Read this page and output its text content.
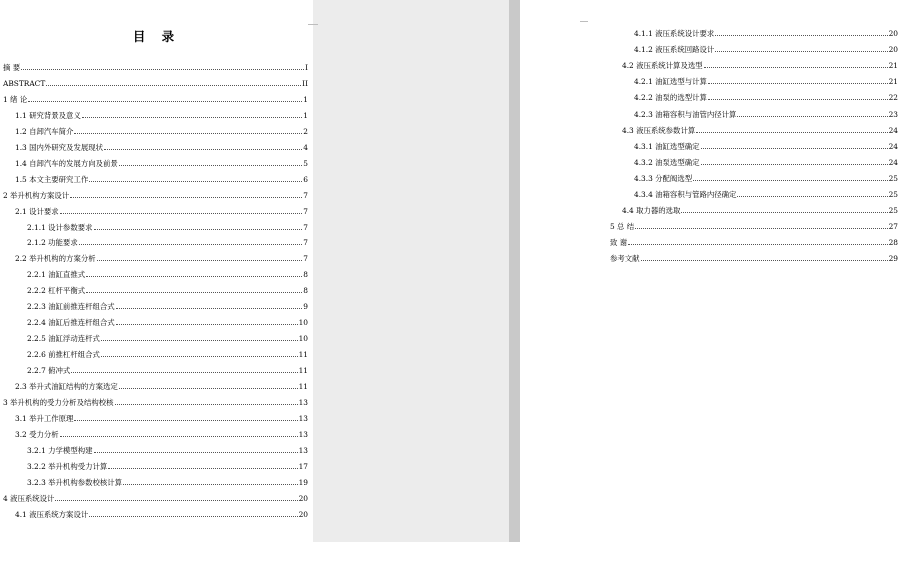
目 录
摘 要	I
ABSTRACT	II
1 绪 论	1
1.1 研究背景及意义	1
1.2 自卸汽车简介	2
1.3 国内外研究及发展现状	4
1.4 自卸汽车的发展方向及前景	5
1.5 本文主要研究工作	6
2 举升机构方案设计	7
2.1 设计要求	7
2.1.1 设计参数要求	7
2.1.2 功能要求	7
2.2 举升机构的方案分析	7
2.2.1 油缸直推式	8
2.2.2 杠杆平衡式	8
2.2.3 油缸前推连杆组合式	9
2.2.4 油缸后推连杆组合式	10
2.2.5 油缸浮动连杆式	10
2.2.6 前推杠杆组合式	11
2.2.7 俯冲式	11
2.3 举升式油缸结构的方案选定	11
3 举升机构的受力分析及结构校核	13
3.1 举升工作原理	13
3.2 受力分析	13
3.2.1 力学模型构建	13
3.2.2 举升机构受力计算	17
3.2.3 举升机构参数校核计算	19
4 液压系统设计	20
4.1 液压系统方案设计	20
4.1.1 液压系统设计要求	20
4.1.2 液压系统回路设计	20
4.2 液压系统计算及选型	21
4.2.1 油缸选型与计算	21
4.2.2 油泵的选型计算	22
4.2.3 油箱容积与油管内径计算	23
4.3 液压系统参数计算	24
4.3.1 油缸选型确定	24
4.3.2 油泵选型确定	24
4.3.3 分配阀选型	25
4.3.4 油箱容积与管路内径确定	25
4.4 取力器的选取	25
5 总 结	27
致 谢	28
参考文献	29
